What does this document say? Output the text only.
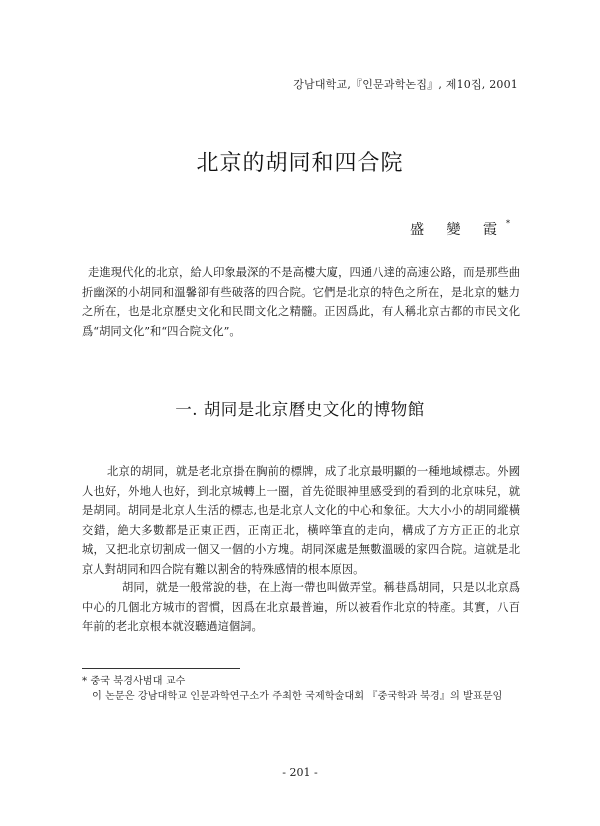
강남대학교,『인문과학논집』, 제10집, 2001
北京的胡同和四合院
盛 變 霞*

走進現代化的北京，給人印象最深的不是高樓大廈，四通八達的高速公路，而是那些曲折幽深的小胡同和溫馨卻有些破落的四合院。它們是北京的特色之所在，是北京的魅力之所在，也是北京歷史文化和民間文化之精髓。正因爲此，有人稱北京古都的市民文化爲“胡同文化”和“四合院文化”。

一. 胡同是北京曆史文化的博物館

北京的胡同，就是老北京掛在胸前的標牌，成了北京最明顯的一種地域標志。外國人也好，外地人也好，到北京城轉上一圈，首先從眼神里感受到的看到的北京味兒，就是胡同。胡同是北京人生活的標志,也是北京人文化的中心和象征。大大小小的胡同縱橫交錯，絶大多數都是正東正西，正南正北，橫啐筆直的走向，構成了方方正正的北京城，又把北京切割成一個又一個的小方塊。胡同深處是無數溫暖的家四合院。這就是北京人對胡同和四合院有難以割舍的特殊感情的根本原因。

胡同，就是一般常說的巷，在上海一帶也叫做弄堂。稱巷爲胡同，只是以北京爲中心的几個北方城市的習慣，因爲在北京最普遍，所以被看作北京的特產。其實，八百年前的老北京根本就沒聽過這個詞。

* 중국 북경사범대 교수

이 논문은 강남대학교 인문과학연구소가 주최한 국제학술대회 『중국학과 북경』의 발표문임

- 201 -
